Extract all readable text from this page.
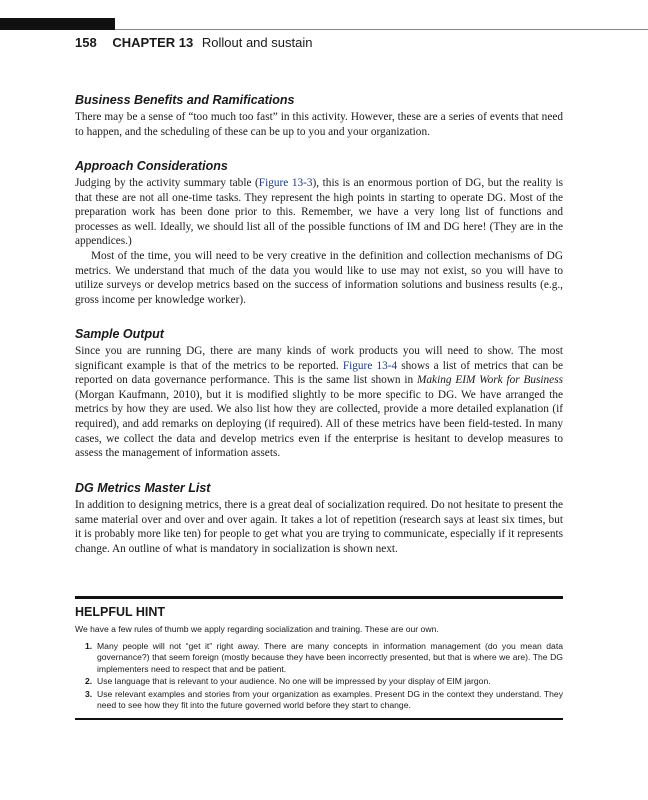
158 CHAPTER 13 Rollout and sustain
Business Benefits and Ramifications

There may be a sense of “too much too fast” in this activity. However, these are a series of events that need to happen, and the scheduling of these can be up to you and your organization.

Approach Considerations

Judging by the activity summary table (Figure 13-3), this is an enormous portion of DG, but the reality is that these are not all one-time tasks. They represent the high points in starting to operate DG. Most of the preparation work has been done prior to this. Remember, we have a very long list of functions and processes as well. Ideally, we should list all of the possible functions of IM and DG here! (They are in the appendices.)

Most of the time, you will need to be very creative in the definition and collection mechanisms of DG metrics. We understand that much of the data you would like to use may not exist, so you will have to utilize surveys or develop metrics based on the success of information solutions and business results (e.g., gross income per knowledge worker).

Sample Output

Since you are running DG, there are many kinds of work products you will need to show. The most significant example is that of the metrics to be reported. Figure 13-4 shows a list of metrics that can be reported on data governance performance. This is the same list shown in Making EIM Work for Business (Morgan Kaufmann, 2010), but it is modified slightly to be more specific to DG. We have arranged the metrics by how they are used. We also list how they are collected, provide a more detailed explanation (if required), and add remarks on deploying (if required). All of these metrics have been field-tested. In many cases, we collect the data and develop metrics even if the enterprise is hesitant to develop measures to assess the management of information assets.

DG Metrics Master List

In addition to designing metrics, there is a great deal of socialization required. Do not hesitate to present the same material over and over and over again. It takes a lot of repetition (research says at least six times, but it is probably more like ten) for people to get what you are trying to communicate, especially if it represents change. An outline of what is mandatory in socialization is shown next.

HELPFUL HINT

We have a few rules of thumb we apply regarding socialization and training. These are our own.

1. Many people will not “get it” right away. There are many concepts in information management (do you mean data governance?) that seem foreign (mostly because they have been incorrectly presented, but that is where we are). The DG implementers need to respect that and be patient.
2. Use language that is relevant to your audience. No one will be impressed by your display of EIM jargon.
3. Use relevant examples and stories from your organization as examples. Present DG in the context they understand. They need to see how they fit into the future governed world before they start to change.
